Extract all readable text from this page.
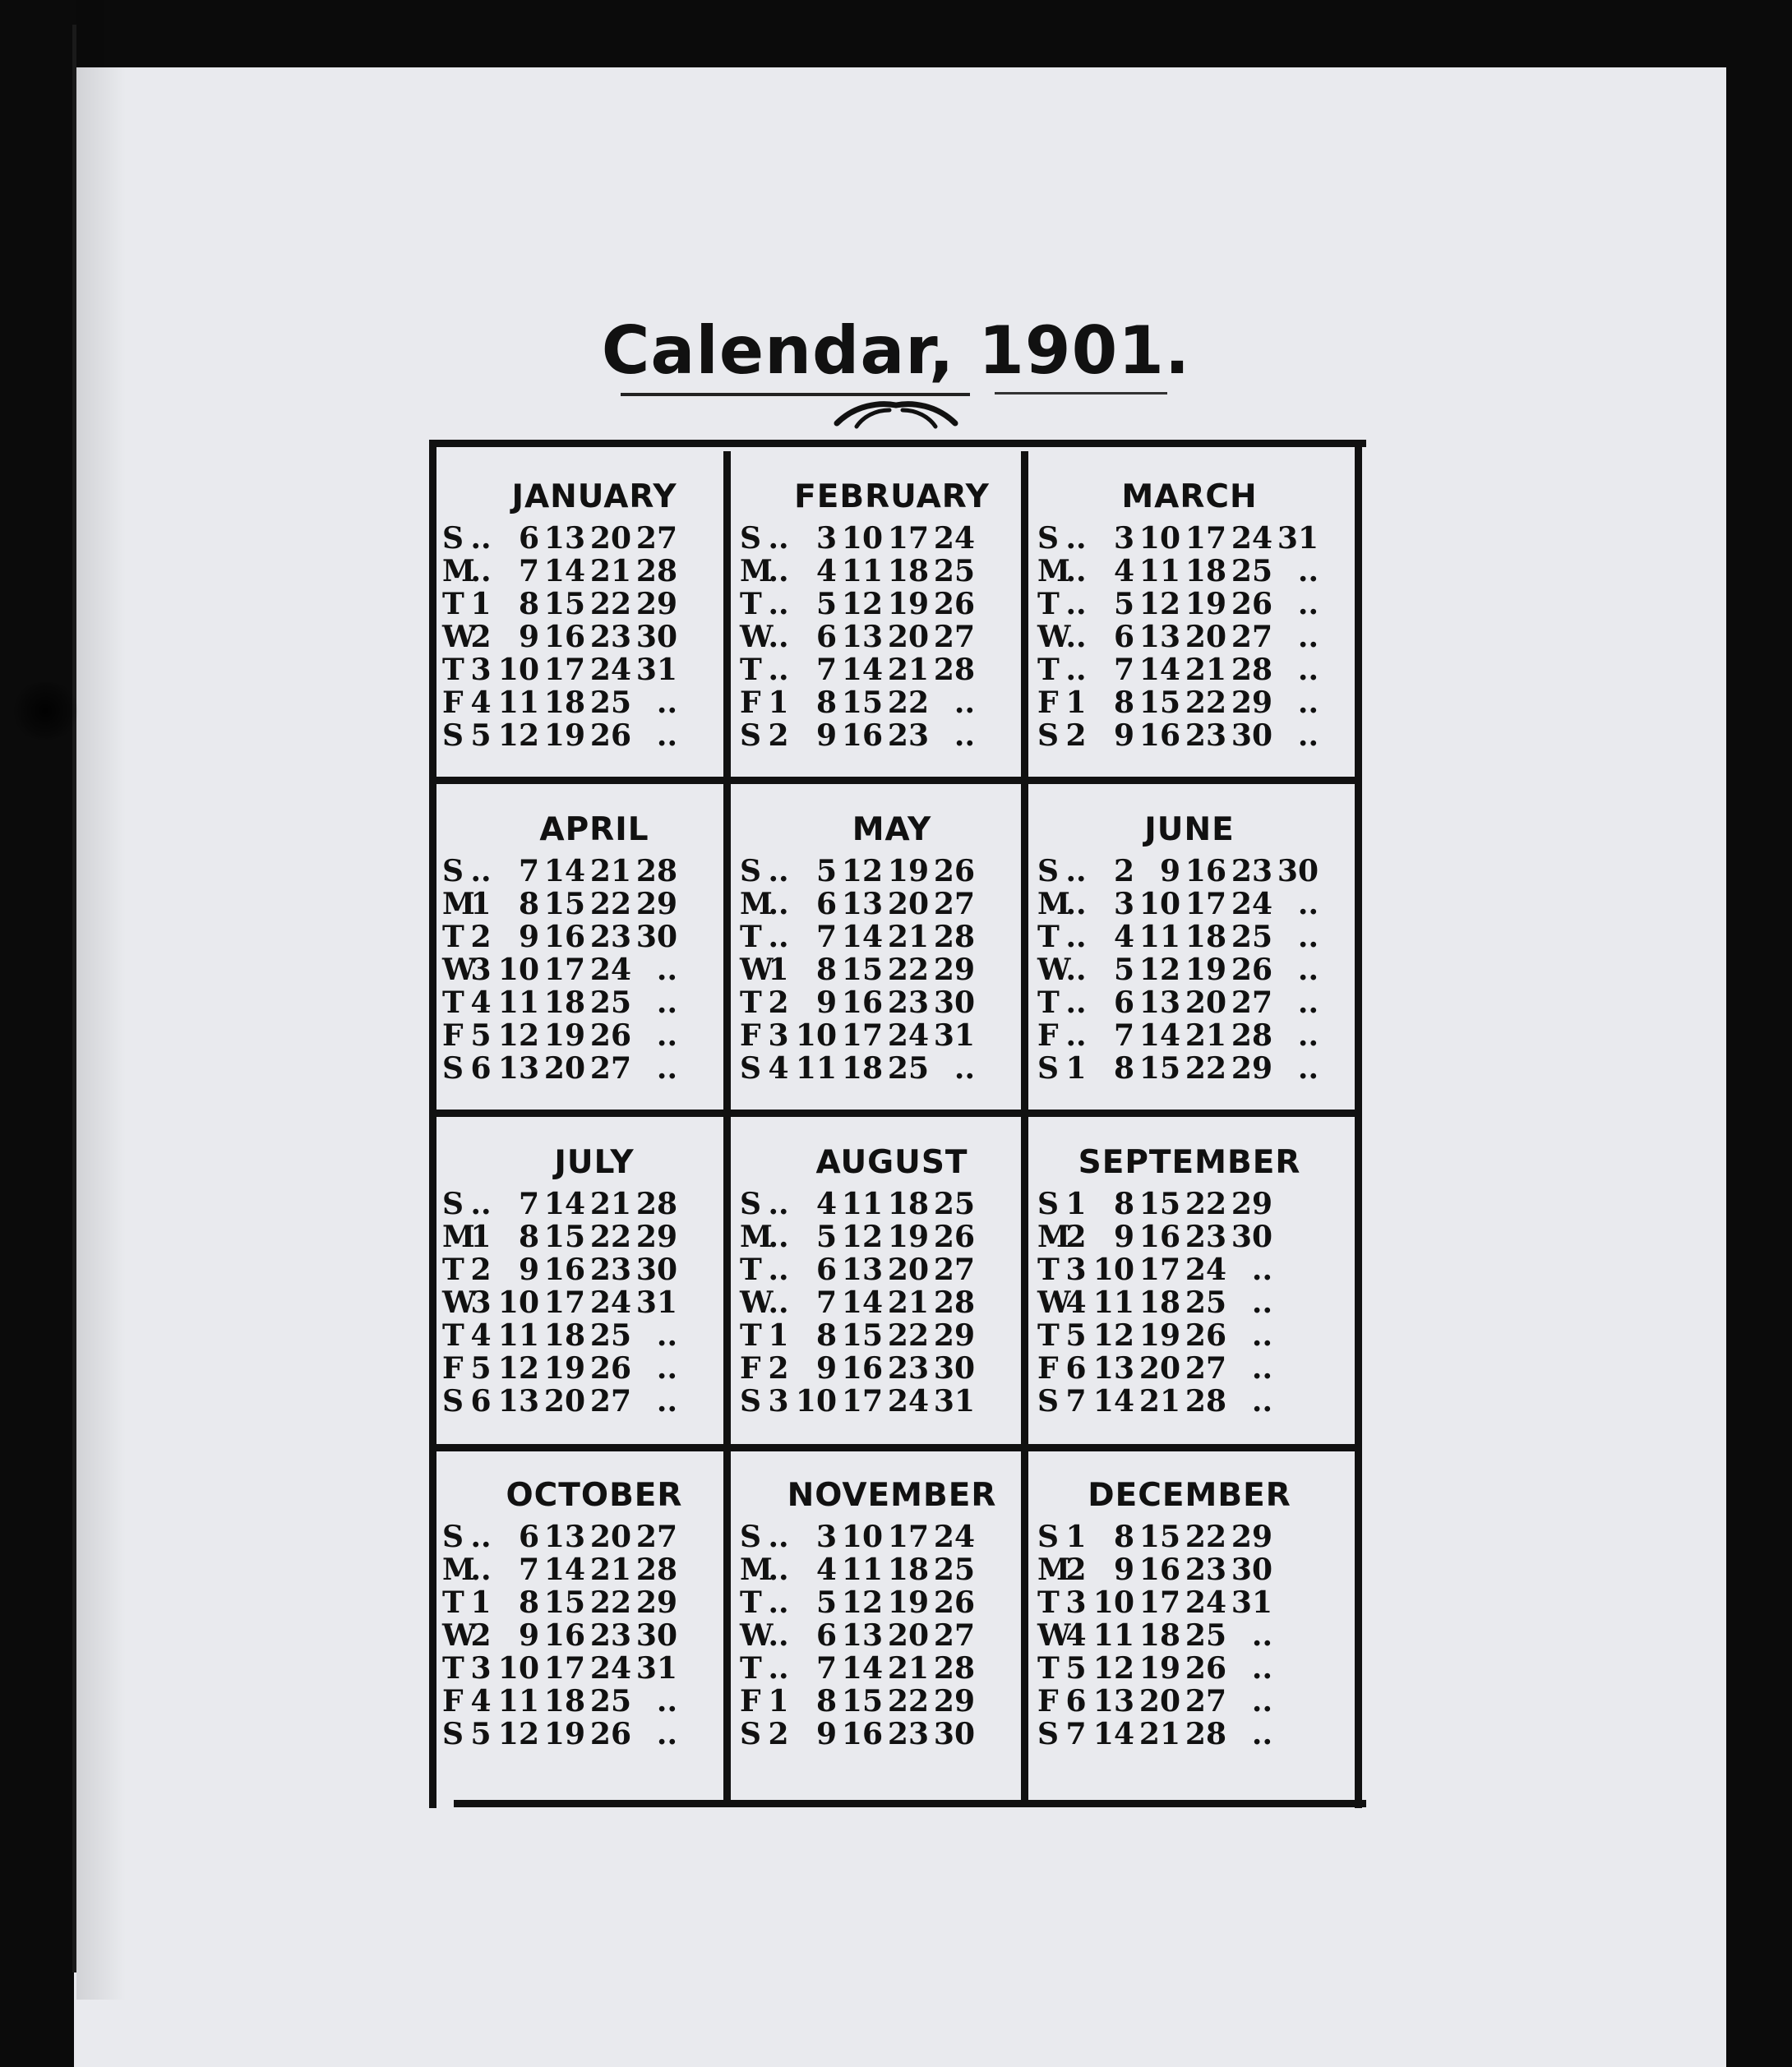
Calendar, 1901.
JANUARY
S .. 6 13 20 27
M
.. 7 14 21 28
T 1 8 15 22 29
W
2 9 16 23 30
T 3 10 17 24 31
F 4 11 18 25 ..
S 5 12 19 26 ..
FEBRUARY
S .. 3 10 17 24
M
.. 4 11 18 25
T .. 5 12 19 26
W
.. 6 13 20 27
T .. 7 14 21 28
F 1 8 15 22 ..
S 2 9 16 23 ..
MARCH
S .. 3 10 17 24 31
M
.. 4 11 18 25 ..
T .. 5 12 19 26 ..
W
.. 6 13 20 27 ..
T .. 7 14 21 28 ..
F 1 8 15 22 29 ..
S 2 9 16 23 30 ..
APRIL
S .. 7 14 21 28
M
1 8 15 22 29
T 2 9 16 23 30
W
3 10 17 24 ..
T 4 11 18 25 ..
F 5 12 19 26 ..
S 6 13 20 27 ..
MAY
S .. 5 12 19 26
M
.. 6 13 20 27
T .. 7 14 21 28
W
1 8 15 22 29
T 2 9 16 23 30
F 3 10 17 24 31
S 4 11 18 25 ..
JUNE
S .. 2 9 16 23 30
M
.. 3 10 17 24 ..
T .. 4 11 18 25 ..
W
.. 5 12 19 26 ..
T .. 6 13 20 27 ..
F .. 7 14 21 28 ..
S 1 8 15 22 29 ..
JULY
S .. 7 14 21 28
M
1 8 15 22 29
T 2 9 16 23 30
W
3 10 17 24 31
T 4 11 18 25 ..
F 5 12 19 26 ..
S 6 13 20 27 ..
AUGUST
S .. 4 11 18 25
M
.. 5 12 19 26
T .. 6 13 20 27
W
.. 7 14 21 28
T 1 8 15 22 29
F 2 9 16 23 30
S 3 10 17 24 31
SEPTEMBER
S 1 8 15 22 29
M
2 9 16 23 30
T 3 10 17 24 ..
W
4 11 18 25 ..
T 5 12 19 26 ..
F 6 13 20 27 ..
S 7 14 21 28 ..
OCTOBER
S .. 6 13 20 27
M
.. 7 14 21 28
T 1 8 15 22 29
W
2 9 16 23 30
T 3 10 17 24 31
F 4 11 18 25 ..
S 5 12 19 26 ..
NOVEMBER
S .. 3 10 17 24
M
.. 4 11 18 25
T .. 5 12 19 26
W
.. 6 13 20 27
T .. 7 14 21 28
F 1 8 15 22 29
S 2 9 16 23 30
DECEMBER
S 1 8 15 22 29
M
2 9 16 23 30
T 3 10 17 24 31
W
4 11 18 25 ..
T 5 12 19 26 ..
F 6 13 20 27 ..
S 7 14 21 28 ..
